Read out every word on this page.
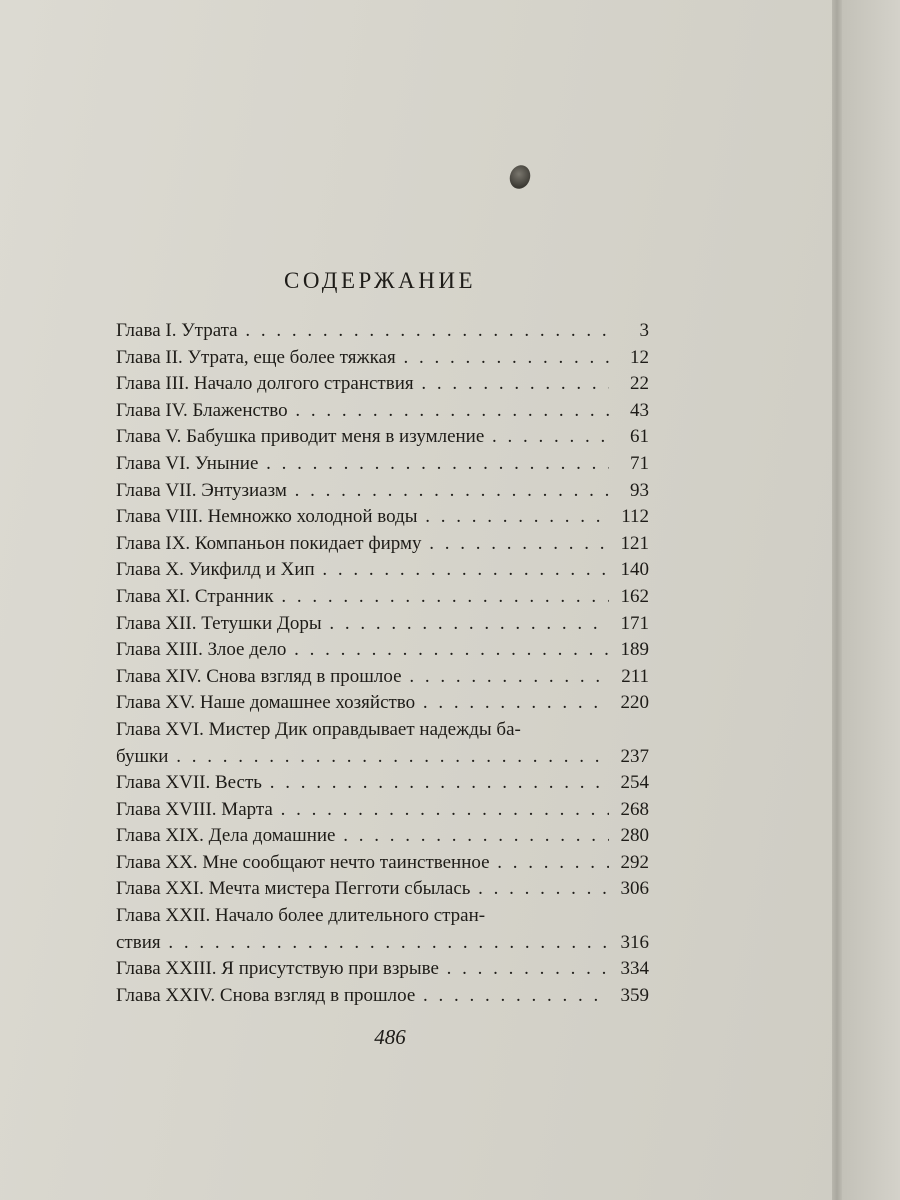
СОДЕРЖАНИЕ
Глава I. Утрата . . .	3
Глава II. Утрата, еще более тяжкая . . .	12
Глава III. Начало долгого странствия . . .	22
Глава IV. Блаженство . . .	43
Глава V. Бабушка приводит меня в изумление . . .	61
Глава VI. Уныние . . .	71
Глава VII. Энтузиазм . . .	93
Глава VIII. Немножко холодной воды . . .	112
Глава IX. Компаньон покидает фирму . . .	121
Глава X. Уикфилд и Хип . . .	140
Глава XI. Странник . . .	162
Глава XII. Тетушки Доры . . .	171
Глава XIII. Злое дело . . .	189
Глава XIV. Снова взгляд в прошлое . . .	211
Глава XV. Наше домашнее хозяйство . . .	220
Глава XVI. Мистер Дик оправдывает надежды ба-
бушки . . .	237
Глава XVII. Весть . . .	254
Глава XVIII. Марта . . .	268
Глава XIX. Дела домашние . . .	280
Глава XX. Мне сообщают нечто таинственное . . .	292
Глава XXI. Мечта мистера Пегготи сбылась . . .	306
Глава XXII. Начало более длительного стран-
ствия . . .	316
Глава XXIII. Я присутствую при взрыве . . .	334
Глава XXIV. Снова взгляд в прошлое . . .	359
486
